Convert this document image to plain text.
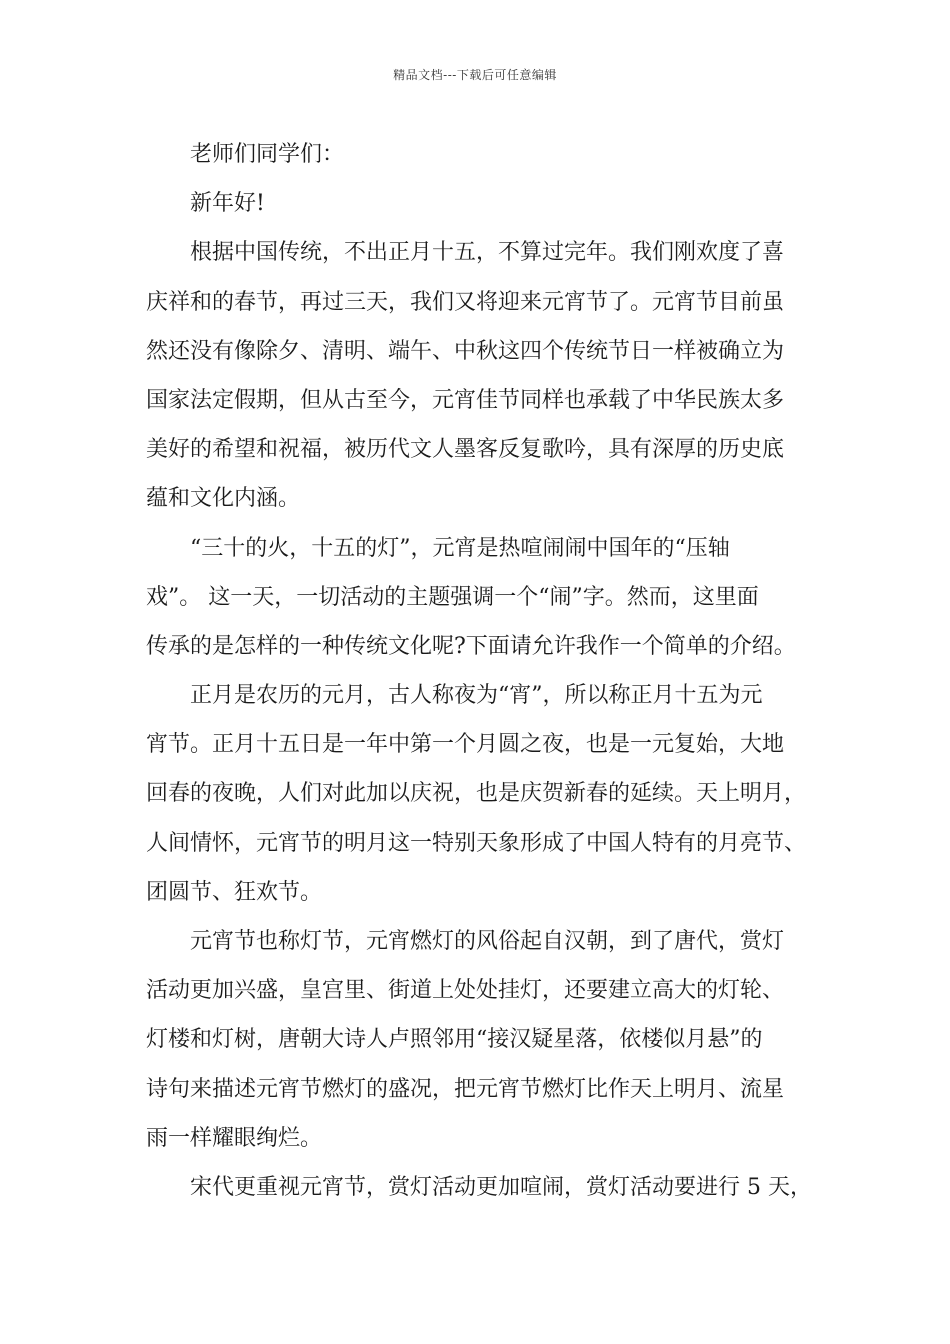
精品文档---下载后可任意编辑
老师们同学们：
新年好!
根据中国传统，不出正月十五，不算过完年。我们刚欢度了喜
庆祥和的春节，再过三天，我们又将迎来元宵节了。元宵节目前虽
然还没有像除夕、清明、端午、中秋这四个传统节日一样被确立为
国家法定假期，但从古至今，元宵佳节同样也承载了中华民族太多
美好的希望和祝福，被历代文人墨客反复歌吟，具有深厚的历史底
蕴和文化内涵。
“三十的火，十五的灯”，元宵是热喧闹闹中国年的“压轴
戏”。 这一天，一切活动的主题强调一个“闹”字。然而，这里面
传承的是怎样的一种传统文化呢?下面请允许我作一个简单的介绍。
正月是农历的元月，古人称夜为“宵”，所以称正月十五为元
宵节。正月十五日是一年中第一个月圆之夜，也是一元复始，大地
回春的夜晚，人们对此加以庆祝，也是庆贺新春的延续。天上明月，
人间情怀，元宵节的明月这一特别天象形成了中国人特有的月亮节、
团圆节、狂欢节。
元宵节也称灯节，元宵燃灯的风俗起自汉朝，到了唐代，赏灯
活动更加兴盛，皇宫里、街道上处处挂灯，还要建立高大的灯轮、
灯楼和灯树，唐朝大诗人卢照邻用“接汉疑星落，依楼似月悬”的
诗句来描述元宵节燃灯的盛况，把元宵节燃灯比作天上明月、流星
雨一样耀眼绚烂。
宋代更重视元宵节，赏灯活动更加喧闹，赏灯活动要进行 5 天，
